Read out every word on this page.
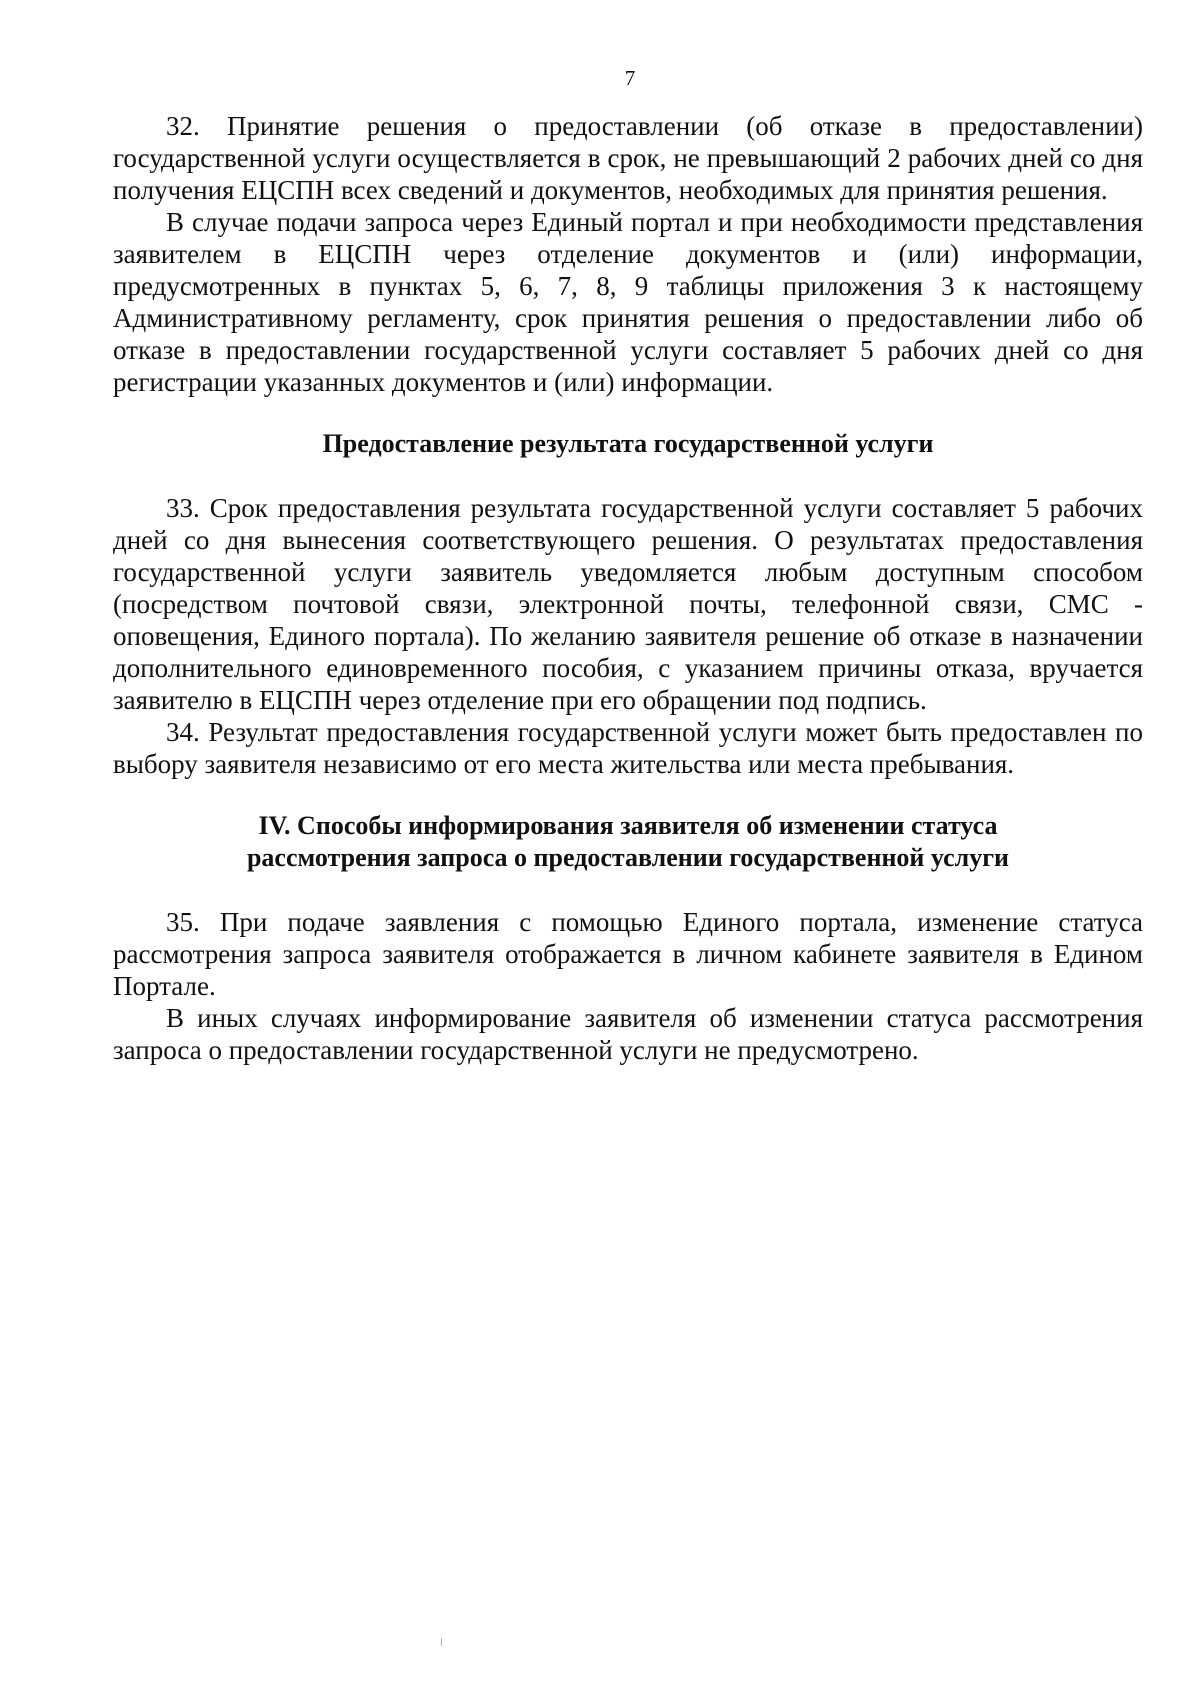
7

32. Принятие решения о предоставлении (об отказе в предоставлении) государственной услуги осуществляется в срок, не превышающий 2 рабочих дней со дня получения ЕЦСПН всех сведений и документов, необходимых для принятия решения.

В случае подачи запроса через Единый портал и при необходимости представления заявителем в ЕЦСПН через отделение документов и (или) информации, предусмотренных в пунктах 5, 6, 7, 8, 9 таблицы приложения 3 к настоящему Административному регламенту, срок принятия решения о предоставлении либо об отказе в предоставлении государственной услуги составляет 5 рабочих дней со дня регистрации указанных документов и (или) информации.

Предоставление результата государственной услуги

33. Срок предоставления результата государственной услуги составляет 5 рабочих дней со дня вынесения соответствующего решения. О результатах предоставления государственной услуги заявитель уведомляется любым доступным способом (посредством почтовой связи, электронной почты, телефонной связи, СМС - оповещения, Единого портала). По желанию заявителя решение об отказе в назначении дополнительного единовременного пособия, с указанием причины отказа, вручается заявителю в ЕЦСПН через отделение при его обращении под подпись.

34. Результат предоставления государственной услуги может быть предоставлен по выбору заявителя независимо от его места жительства или места пребывания.

IV. Способы информирования заявителя об изменении статуса

рассмотрения запроса о предоставлении государственной услуги

35. При подаче заявления с помощью Единого портала, изменение статуса рассмотрения запроса заявителя отображается в личном кабинете заявителя в Едином Портале.

В иных случаях информирование заявителя об изменении статуса рассмотрения запроса о предоставлении государственной услуги не предусмотрено.
